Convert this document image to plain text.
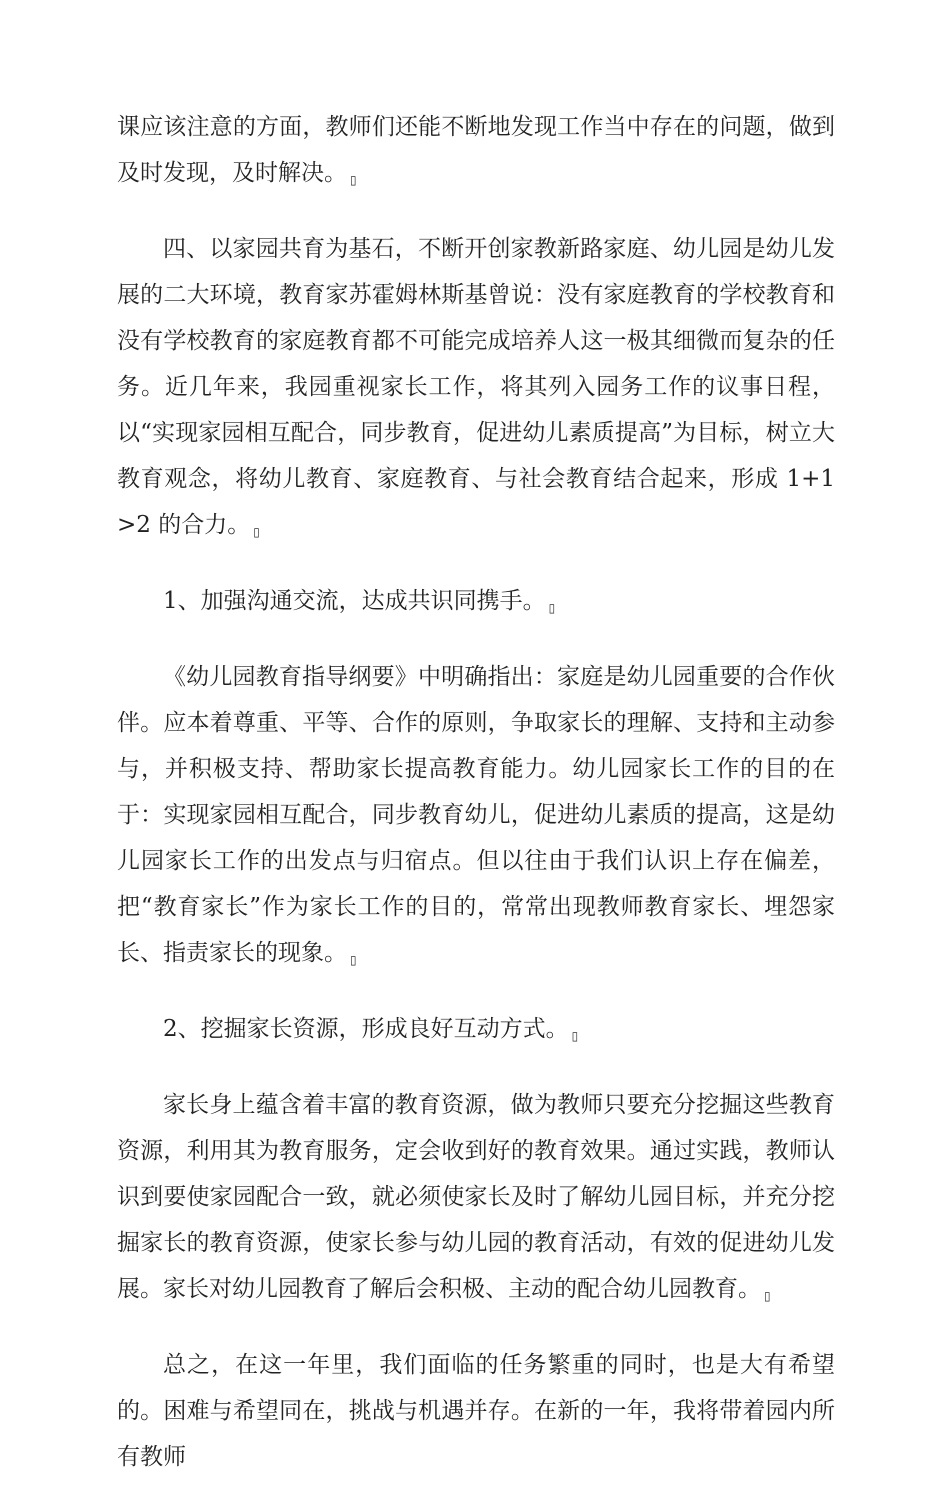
课应该注意的方面，教师们还能不断地发现工作当中存在的问题，做到及时发现，及时解决。 ▯

四、以家园共育为基石，不断开创家教新路家庭、幼儿园是幼儿发展的二大环境，教育家苏霍姆林斯基曾说：没有家庭教育的学校教育和没有学校教育的家庭教育都不可能完成培养人这一极其细微而复杂的任务。近几年来，我园重视家长工作，将其列入园务工作的议事日程，以“实现家园相互配合，同步教育，促进幼儿素质提高”为目标，树立大教育观念，将幼儿教育、家庭教育、与社会教育结合起来，形成 1+1>2 的合力。 ▯

1、加强沟通交流，达成共识同携手。 ▯

《幼儿园教育指导纲要》中明确指出：家庭是幼儿园重要的合作伙伴。应本着尊重、平等、合作的原则，争取家长的理解、支持和主动参与，并积极支持、帮助家长提高教育能力。幼儿园家长工作的目的在于：实现家园相互配合，同步教育幼儿，促进幼儿素质的提高，这是幼儿园家长工作的出发点与归宿点。但以往由于我们认识上存在偏差，把“教育家长”作为家长工作的目的，常常出现教师教育家长、埋怨家长、指责家长的现象。 ▯

2、挖掘家长资源，形成良好互动方式。 ▯

家长身上蕴含着丰富的教育资源，做为教师只要充分挖掘这些教育资源，利用其为教育服务，定会收到好的教育效果。通过实践，教师认识到要使家园配合一致，就必须使家长及时了解幼儿园目标，并充分挖掘家长的教育资源，使家长参与幼儿园的教育活动，有效的促进幼儿发展。家长对幼儿园教育了解后会积极、主动的配合幼儿园教育。 ▯

总之，在这一年里，我们面临的任务繁重的同时，也是大有希望的。困难与希望同在，挑战与机遇并存。在新的一年，我将带着园内所有教师
